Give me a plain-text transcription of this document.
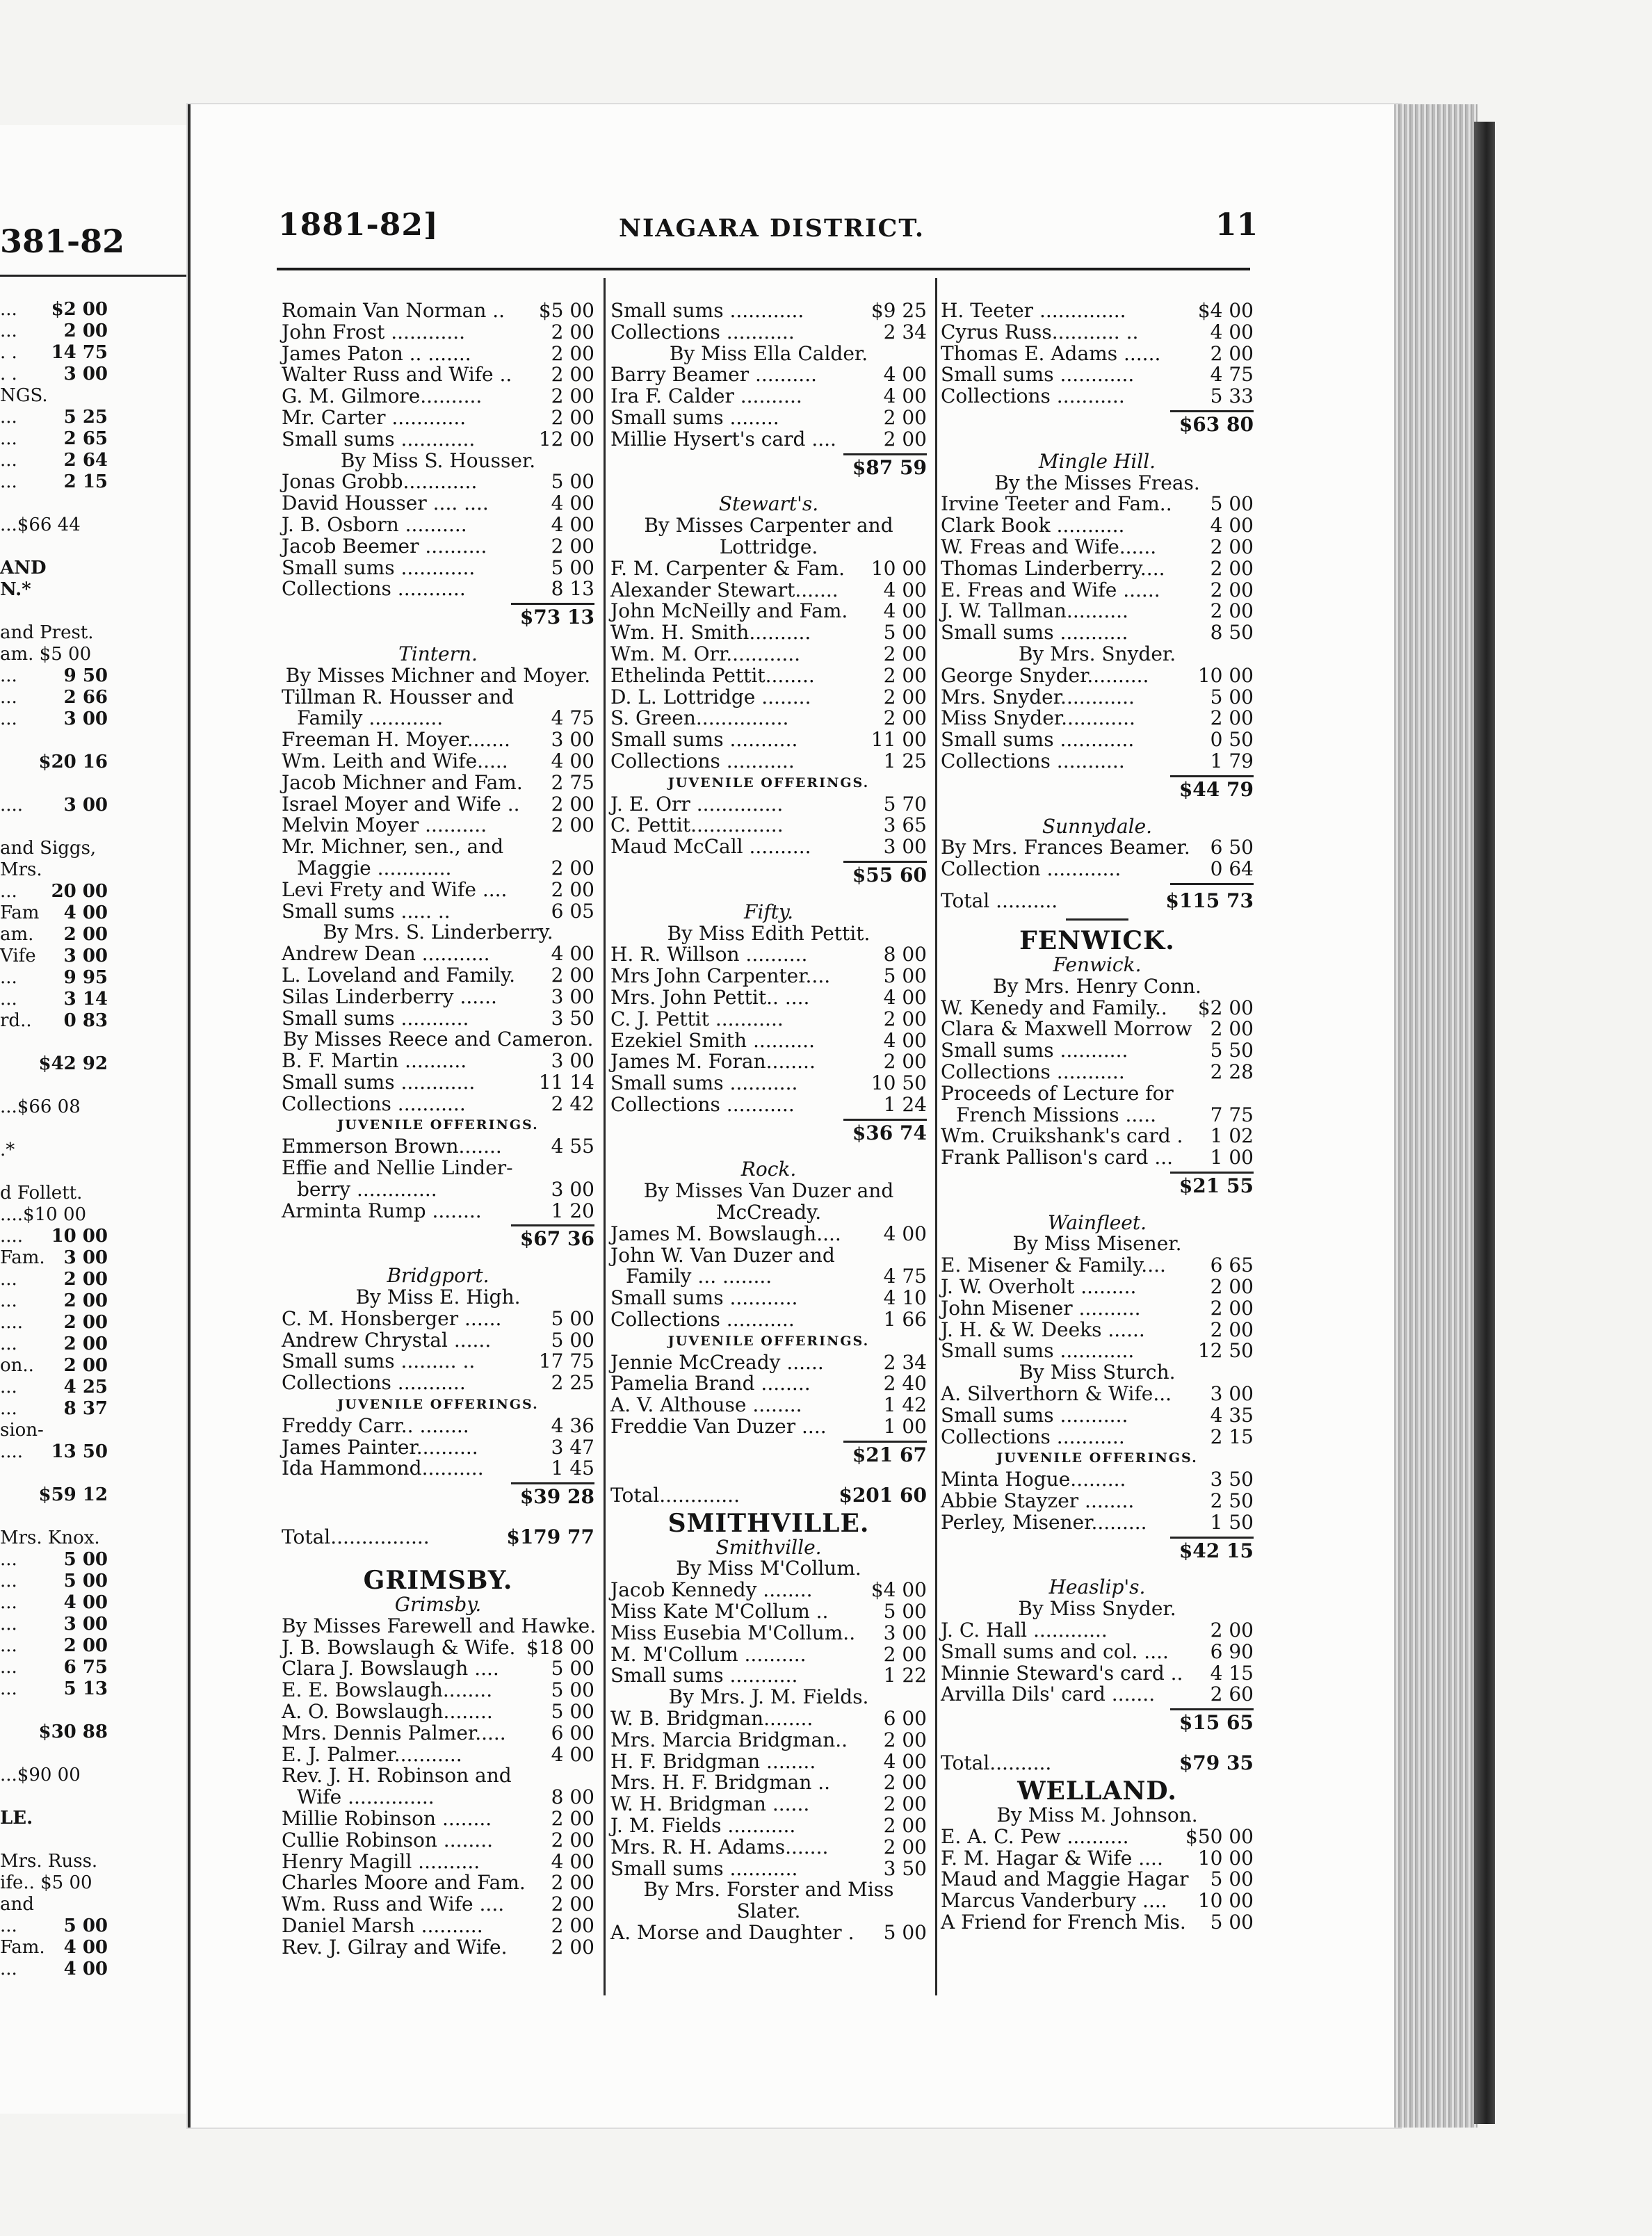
381-82
... $2 00
...	2 00
. . 14 75
. .	3 00
NGS.
...	5 25
...	2 65
...	2 64
...	2 15
...$66 44
AND
N.*
and Prest.
am. $5 00
...	9 50
...	2 66
...	3 00
$20 16
.... 3 00
and Siggs,
Mrs.
... 20 00
Fam 4 00
am. 2 00
Vife 3 00
...	9 95
...	3 14
rd.. 0 83
$42 92
...$66 08
.*
d Follett.
....$10 00
.... 10 00
Fam. 3 00
...	2 00
...	2 00
.... 2 00
...	2 00
on.. 2 00
...	4 25
...	8 37
sion-
.... 13 50
$59 12
Mrs. Knox.
...	5 00
...	5 00
...	4 00
...	3 00
...	2 00
...	6 75
...	5 13
$30 88
...$90 00
LE.
Mrs. Russ.
ife.. $5 00
and
...	5 00
Fam. 4 00
...	4 00
1881-82]	NIAGARA DISTRICT.	11
Romain Van Norman .. $5 00
John Frost ............	2 00
James Paton .. .......	2 00
Walter Russ and Wife .. 2 00
G. M. Gilmore..........	2 00
Mr. Carter ............	2 00
Small sums ............	12 00
By Miss S. Housser.
Jonas Grobb............	5 00
David Housser .... ....	4 00
J. B. Osborn ..........	4 00
Jacob Beemer ..........	2 00
Small sums ............	5 00
Collections ...........	8 13
$73 13
Tintern.
By Misses Michner and Moyer.
Tillman R. Housser and
Family ............	4 75
Freeman H. Moyer....... 3 00
Wm. Leith and Wife..... 4 00
Jacob Michner and Fam. 2 75
Israel Moyer and Wife .. 2 00
Melvin Moyer ..........	2 00
Mr. Michner, sen., and
Maggie ............	2 00
Levi Frety and Wife .... 2 00
Small sums ..... ..	6 05
By Mrs. S. Linderberry.
Andrew Dean ...........	4 00
L. Loveland and Family. 2 00
Silas Linderberry ......	3 00
Small sums ...........	3 50
By Misses Reece and Cameron.
B. F. Martin ..........	3 00
Small sums ............	11 14
Collections ...........	2 42
JUVENILE OFFERINGS.
Emmerson Brown.......	4 55
Effie and Nellie Linder-
berry .............	3 00
Arminta Rump ........	1 20
$67 36
Bridgport.
By Miss E. High.
C. M. Honsberger ......	5 00
Andrew Chrystal ......	5 00
Small sums ......... ..	17 75
Collections ...........	2 25
JUVENILE OFFERINGS.
Freddy Carr.. ........	4 36
James Painter..........	3 47
Ida Hammond..........	1 45
$39 28
Total................	$179 77
GRIMSBY.
Grimsby.
By Misses Farewell and Hawke.
J. B. Bowslaugh & Wife. $18 00
Clara J. Bowslaugh ....	5 00
E. E. Bowslaugh........	5 00
A. O. Bowslaugh........	5 00
Mrs. Dennis Palmer..... 6 00
E. J. Palmer...........	4 00
Rev. J. H. Robinson and
Wife ..............	8 00
Millie Robinson ........	2 00
Cullie Robinson ........	2 00
Henry Magill ..........	4 00
Charles Moore and Fam. 2 00
Wm. Russ and Wife .... 2 00
Daniel Marsh ..........	2 00
Rev. J. Gilray and Wife. 2 00
Small sums ............	$9 25
Collections ...........	2 34
By Miss Ella Calder.
Barry Beamer ..........	4 00
Ira F. Calder ..........	4 00
Small sums ........	2 00
Millie Hysert's card .... 2 00
$87 59
Stewart's.
By Misses Carpenter and
Lottridge.
F. M. Carpenter & Fam. 10 00
Alexander Stewart....... 4 00
John McNeilly and Fam. 4 00
Wm. H. Smith..........	5 00
Wm. M. Orr............	2 00
Ethelinda Pettit........	2 00
D. L. Lottridge ........	2 00
S. Green...............	2 00
Small sums ...........	11 00
Collections ...........	1 25
JUVENILE OFFERINGS.
J. E. Orr ..............	5 70
C. Pettit...............	3 65
Maud McCall ..........	3 00
$55 60
Fifty.
By Miss Edith Pettit.
H. R. Willson ..........	8 00
Mrs John Carpenter....	5 00
Mrs. John Pettit.. ....	4 00
C. J. Pettit ...........	2 00
Ezekiel Smith ..........	4 00
James M. Foran........	2 00
Small sums ...........	10 50
Collections ...........	1 24
$36 74
Rock.
By Misses Van Duzer and
McCready.
James M. Bowslaugh.... 4 00
John W. Van Duzer and
Family ... ........	4 75
Small sums ...........	4 10
Collections ...........	1 66
JUVENILE OFFERINGS.
Jennie McCready ......	2 34
Pamelia Brand ........	2 40
A. V. Althouse ........	1 42
Freddie Van Duzer ....	1 00
$21 67
Total.............	$201 60
SMITHVILLE.
Smithville.
By Miss M'Collum.
Jacob Kennedy ........	$4 00
Miss Kate M'Collum ..	5 00
Miss Eusebia M'Collum.. 3 00
M. M'Collum ..........	2 00
Small sums ...........	1 22
By Mrs. J. M. Fields.
W. B. Bridgman........	6 00
Mrs. Marcia Bridgman.. 2 00
H. F. Bridgman ........	4 00
Mrs. H. F. Bridgman ..	2 00
W. H. Bridgman ......	2 00
J. M. Fields ...........	2 00
Mrs. R. H. Adams.......	2 00
Small sums ...........	3 50
By Mrs. Forster and Miss
Slater.
A. Morse and Daughter . 5 00
H. Teeter ..............	$4 00
Cyrus Russ........... ..	4 00
Thomas E. Adams ......	2 00
Small sums ............	4 75
Collections ...........	5 33
$63 80
Mingle Hill.
By the Misses Freas.
Irvine Teeter and Fam.. 5 00
Clark Book ...........	4 00
W. Freas and Wife......	2 00
Thomas Linderberry.... 2 00
E. Freas and Wife ......	2 00
J. W. Tallman..........	2 00
Small sums ...........	8 50
By Mrs. Snyder.
George Snyder..........	10 00
Mrs. Snyder............	5 00
Miss Snyder............	2 00
Small sums ............	0 50
Collections ...........	1 79
$44 79
Sunnydale.
By Mrs. Frances Beamer. 6 50
Collection ............	0 64
Total ..........	$115 73
FENWICK.
Fenwick.
By Mrs. Henry Conn.
W. Kenedy and Family.. $2 00
Clara & Maxwell Morrow 2 00
Small sums ...........	5 50
Collections ...........	2 28
Proceeds of Lecture for
French Missions .....	7 75
Wm. Cruikshank's card . 1 02
Frank Pallison's card ... 1 00
$21 55
Wainfleet.
By Miss Misener.
E. Misener & Family.... 6 65
J. W. Overholt .........	2 00
John Misener ..........	2 00
J. H. & W. Deeks ......	2 00
Small sums ............	12 50
By Miss Sturch.
A. Silverthorn & Wife... 3 00
Small sums ...........	4 35
Collections ...........	2 15
JUVENILE OFFERINGS.
Minta Hogue.........	3 50
Abbie Stayzer ........	2 50
Perley, Misener.........	1 50
$42 15
Heaslip's.
By Miss Snyder.
J. C. Hall ............	2 00
Small sums and col. .... 6 90
Minnie Steward's card .. 4 15
Arvilla Dils' card .......	2 60
$15 65
Total..........	$79 35
WELLAND.
By Miss M. Johnson.
E. A. C. Pew ..........	$50 00
F. M. Hagar & Wife .... 10 00
Maud and Maggie Hagar 5 00
Marcus Vanderbury .... 10 00
A Friend for French Mis. 5 00
